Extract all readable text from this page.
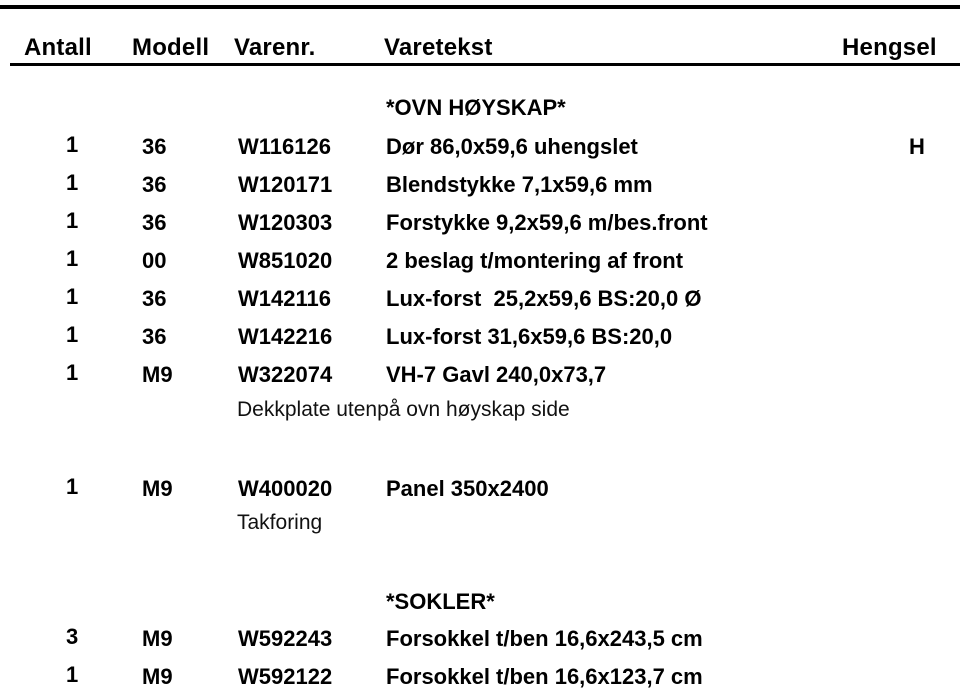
Antall Modell Varenr.	Varetekst	Hengsel
*OVN HØYSKAP*
1	36	W116126	Dør 86,0x59,6 uhengslet	H
1	36	W120171 Blendstykke 7,1x59,6 mm
1	36	W120303 Forstykke 9,2x59,6 m/bes.front
1	00	W851020 2 beslag t/montering af front
1	36	W142116	Lux-forst  25,2x59,6 BS:20,0 Ø
1	36	W142216 Lux-forst 31,6x59,6 BS:20,0
1	M9	W322074 VH-7 Gavl 240,0x73,7
Dekkplate utenpå ovn høyskap side
1	M9	W400020 Panel 350x2400
Takforing
*SOKLER*
3	M9	W592243 Forsokkel t/ben 16,6x243,5 cm
1	M9	W592122 Forsokkel t/ben 16,6x123,7 cm
